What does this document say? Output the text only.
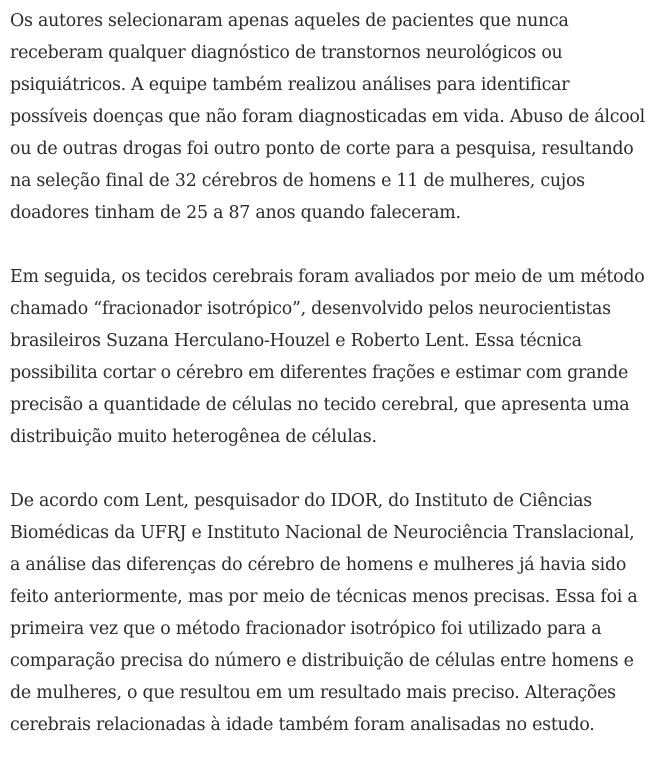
Os autores selecionaram apenas aqueles de pacientes que nunca
receberam qualquer diagnóstico de transtornos neurológicos ou
psiquiátricos. A equipe também realizou análises para identificar
possíveis doenças que não foram diagnosticadas em vida. Abuso de álcool
ou de outras drogas foi outro ponto de corte para a pesquisa, resultando
na seleção final de 32 cérebros de homens e 11 de mulheres, cujos
doadores tinham de 25 a 87 anos quando faleceram.

Em seguida, os tecidos cerebrais foram avaliados por meio de um método
chamado “fracionador isotrópico”, desenvolvido pelos neurocientistas
brasileiros Suzana Herculano-Houzel e Roberto Lent. Essa técnica
possibilita cortar o cérebro em diferentes frações e estimar com grande
precisão a quantidade de células no tecido cerebral, que apresenta uma
distribuição muito heterogênea de células.

De acordo com Lent, pesquisador do IDOR, do Instituto de Ciências
Biomédicas da UFRJ e Instituto Nacional de Neurociência Translacional,
a análise das diferenças do cérebro de homens e mulheres já havia sido
feito anteriormente, mas por meio de técnicas menos precisas. Essa foi a
primeira vez que o método fracionador isotrópico foi utilizado para a
comparação precisa do número e distribuição de células entre homens e
de mulheres, o que resultou em um resultado mais preciso. Alterações
cerebrais relacionadas à idade também foram analisadas no estudo.
